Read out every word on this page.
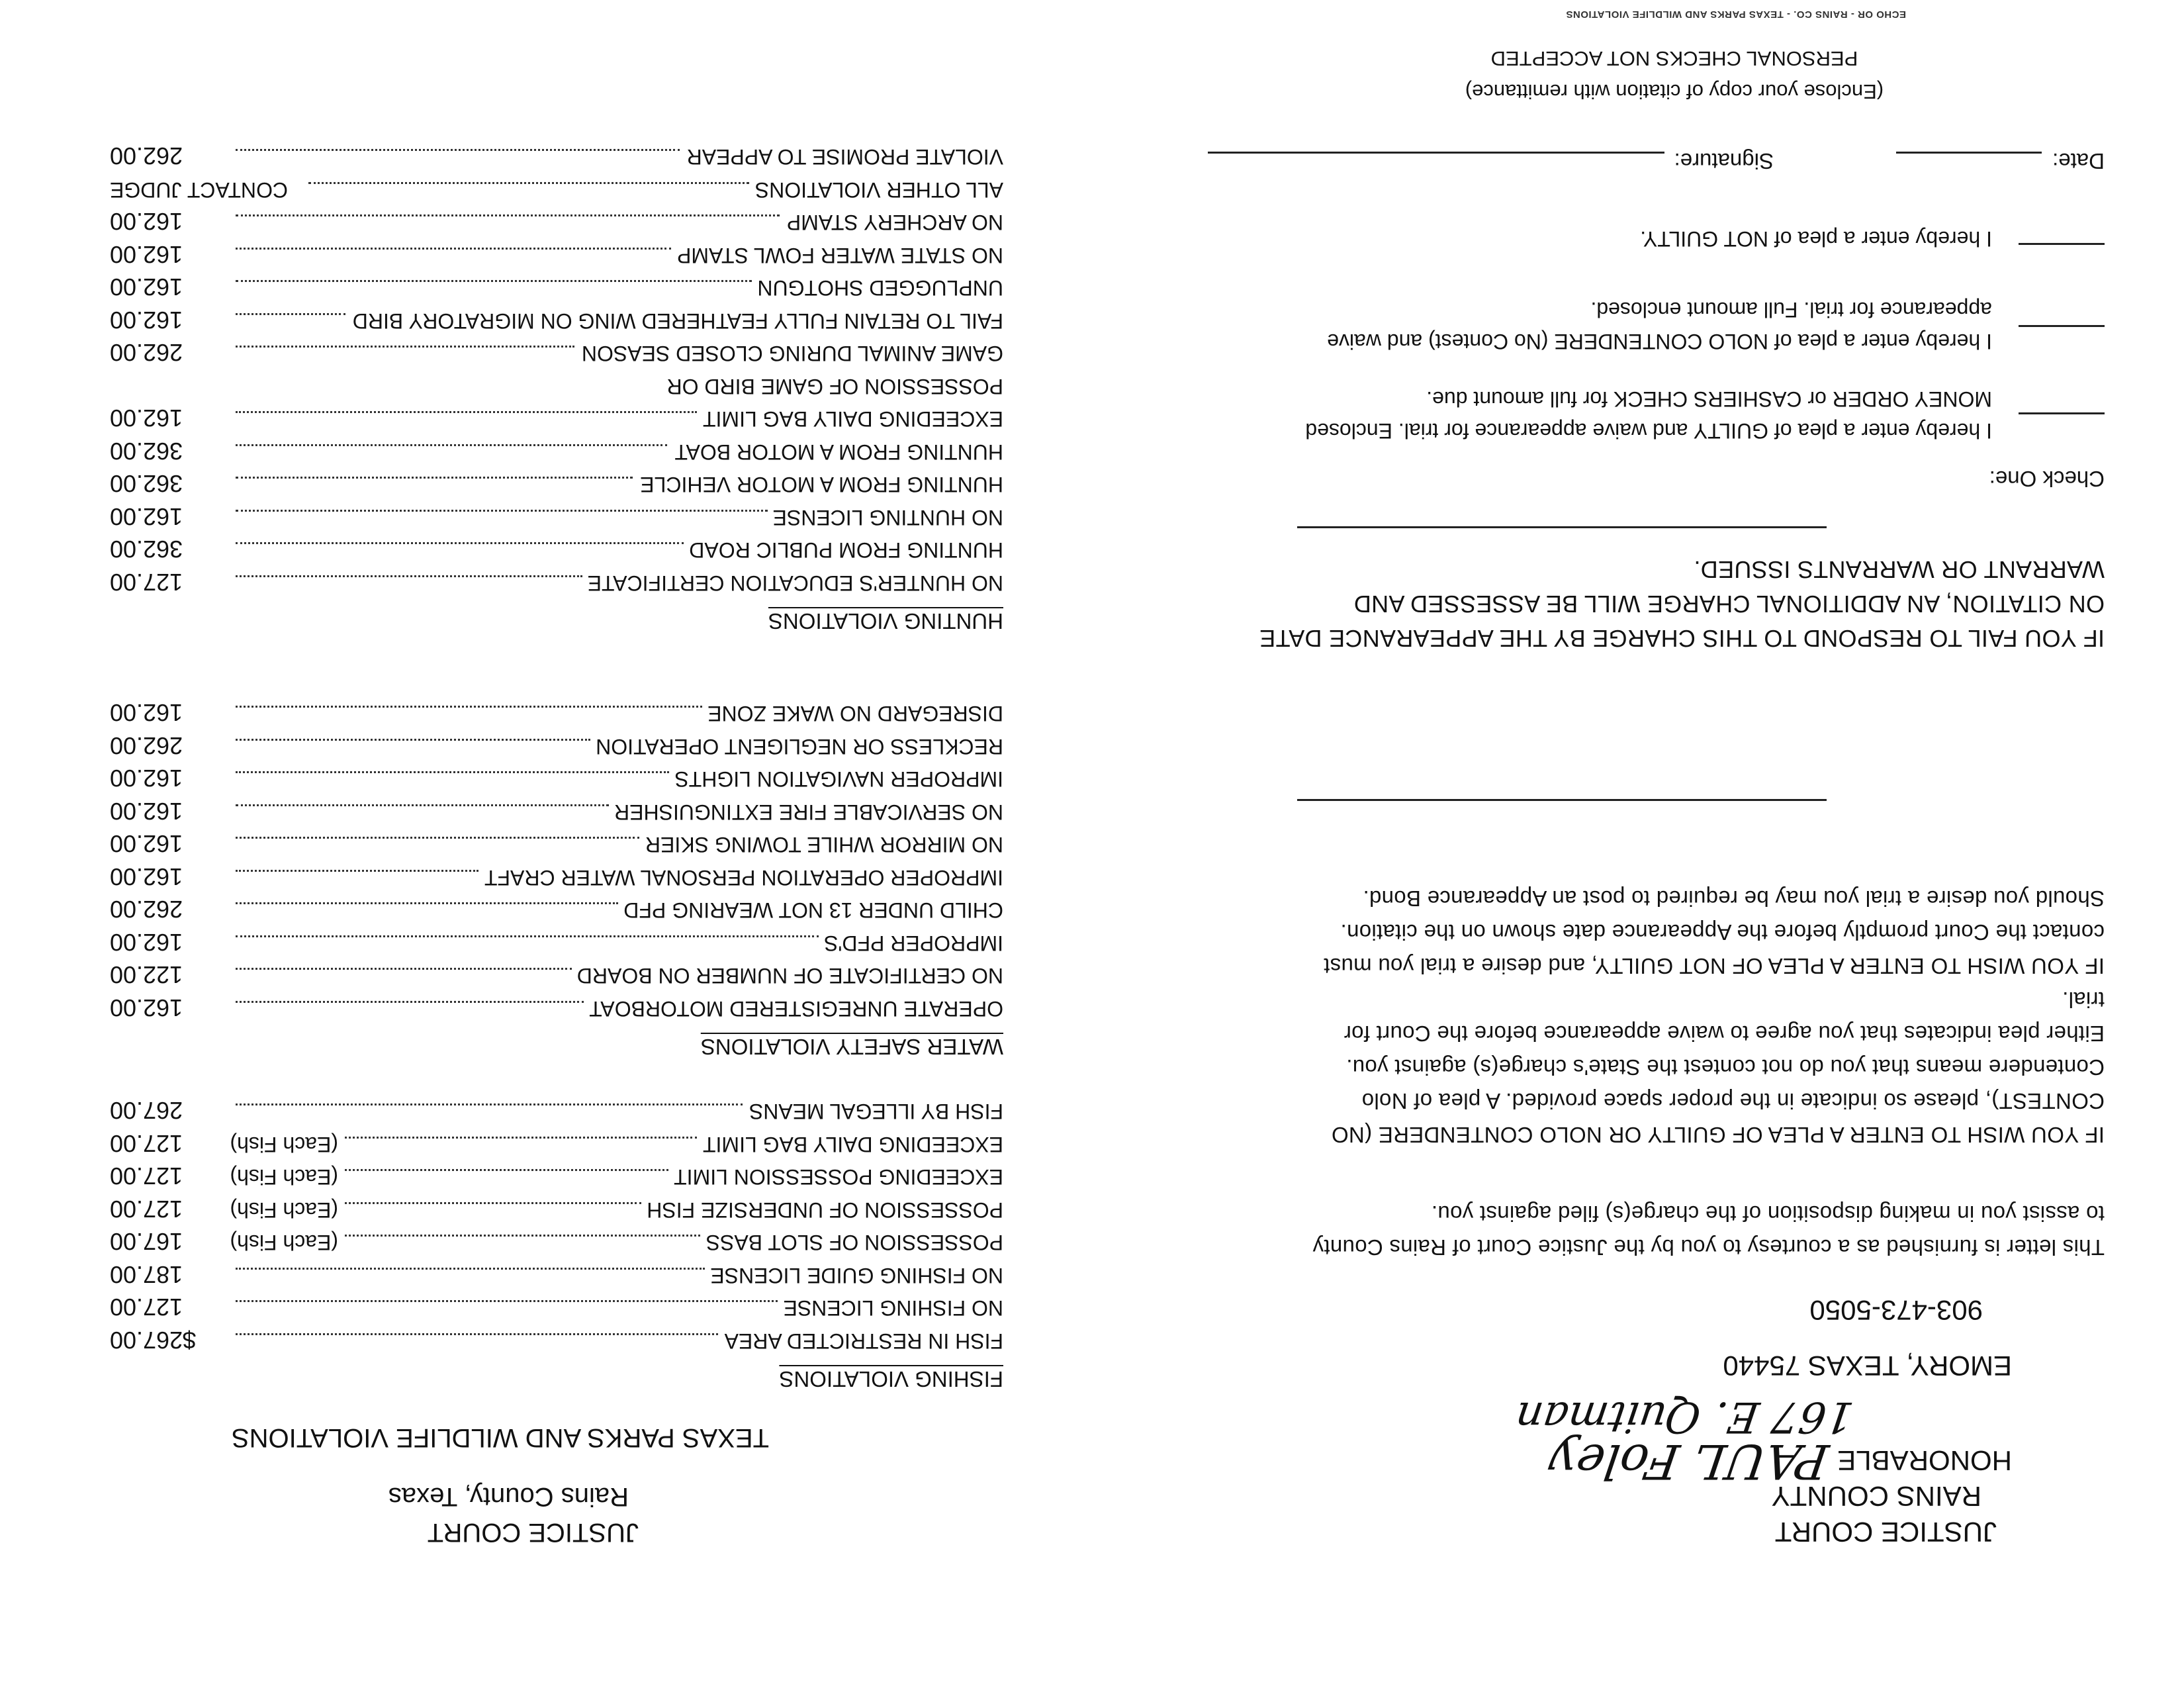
JUSTICE COURT
RAINS COUNTY
HONORABLE
PAUL Foley
167 E. Quitman
EMORY, TEXAS 75440
903-473-5050

This letter is furnished as a courtesy to you by the Justice Court of Rains County to assist you in making disposition of the charge(s) filed against you.

IF YOU WISH TO ENTER A PLEA OF GUILTY OR NOLO CONTENDERE (NO CONTEST), please so indicate in the proper space provided. A plea of Nolo Contendere means that you do not contest the State's charge(s) against you. Either plea indicates that you agree to waive appearance before the Court for trial.

IF YOU WISH TO ENTER A PLEA OF NOT GUILTY, and desire a trial you must contact the Court promptly before the Appearance date shown on the citation. Should you desire a trial you may be required to post an Appearance Bond.

IF YOU FAIL TO RESPOND TO THIS CHARGE BY THE APPEARANCE DATE ON CITATION, AN ADDITIONAL CHARGE WILL BE ASSESSED AND WARRANT OR WARRANTS ISSUED.

Check One:

I hereby enter a plea of GUILTY and waive appearance for trial. Enclosed MONEY ORDER or CASHIERS CHECK for full amount due.

I hereby enter a plea of NOLO CONTENDERE (No Contest) and waive appearance for trial. Full amount enclosed.

I hereby enter a plea of NOT GUILTY.

Date:
Signature:
(Enclose your copy of citation with remittance)
PERSONAL CHECKS NOT ACCEPTED
ECHO OR - RAINS CO. - TEXAS PARKS AND WILDLIFE VIOLATIONS
JUSTICE COURT
Rains County, Texas
TEXAS PARKS AND WILDLIFE VIOLATIONS
FISHING VIOLATIONS
FISH IN RESTRICTED AREA
$267.00
NO FISHING LICENSE
127.00
NO FISHING GUIDE LICENSE
187.00
POSSESSION OF SLOT BASS
(Each Fish)
167.00
POSSESSION OF UNDERSIZE FISH
(Each Fish)
127.00
EXCEEDING POSSESSION LIMIT
(Each Fish)
127.00
EXCEEDING DAILY BAG LIMIT
(Each Fish)
127.00
FISH BY ILLEGAL MEANS
267.00
WATER SAFETY VIOLATIONS
OPERATE UNREGISTERED MOTORBOAT
162.00
NO CERTIFICATE OF NUMBER ON BOARD
122.00
IMPROPER PFD'S
162.00
CHILD UNDER 13 NOT WEARING PFD
262.00
IMPROPER OPERATION PERSONAL WATER CRAFT
162.00
NO MIRROR WHILE TOWING SKIER
162.00
NO SERVICABLE FIRE EXTINGUISHER
162.00
IMPROPER NAVIGATION LIGHTS
162.00
RECKLESS OR NEGLIGENT OPERATION
262.00
DISREGARD NO WAKE ZONE
162.00
HUNTING VIOLATIONS
NO HUNTER'S EDUCATION CERTIFICATE
127.00
HUNTING FROM PUBLIC ROAD
362.00
NO HUNTING LICENSE
162.00
HUNTING FROM A MOTOR VEHICLE
362.00
HUNTING FROM A MOTOR BOAT
362.00
EXCEEDING DAILY BAG LIMIT
162.00
POSSESSION OF GAME BIRD OR
GAME ANIMAL DURING CLOSED SEASON
262.00
FAIL TO RETAIN FULLY FEATHERED WING ON MIGRATORY BIRD
162.00
UNPLUGGED SHOTGUN
162.00
NO STATE WATER FOWL STAMP
162.00
NO ARCHERY STAMP
162.00
ALL OTHER VIOLATIONS
CONTACT JUDGE
VIOLATE PROMISE TO APPEAR
262.00
